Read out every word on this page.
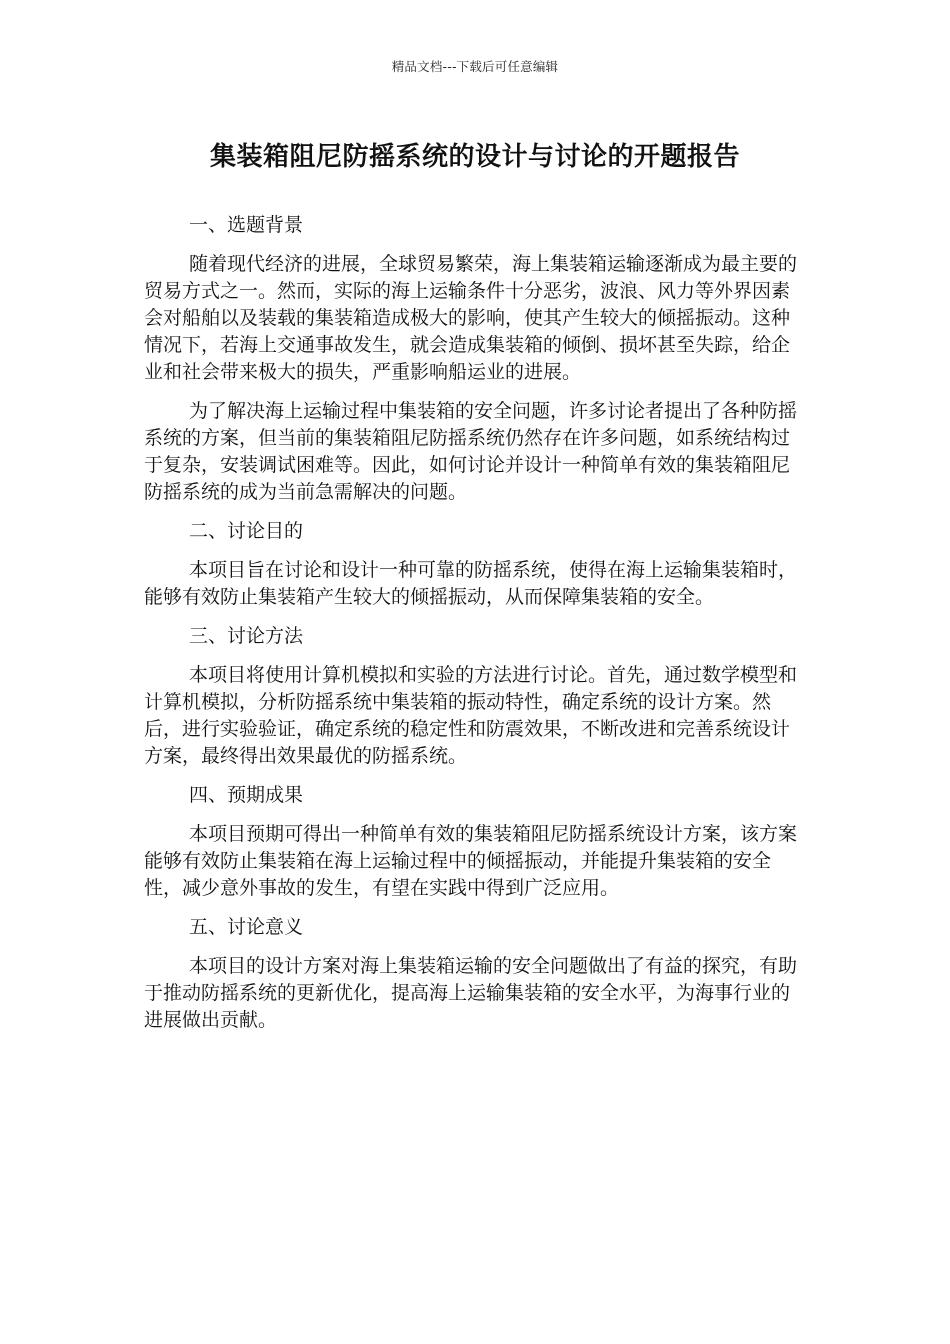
精品文档---下载后可任意编辑
集装箱阻尼防摇系统的设计与讨论的开题报告

一、选题背景

随着现代经济的进展，全球贸易繁荣，海上集装箱运输逐渐成为最主要的贸易方式之一。然而，实际的海上运输条件十分恶劣，波浪、风力等外界因素会对船舶以及装载的集装箱造成极大的影响，使其产生较大的倾摇振动。这种情况下，若海上交通事故发生，就会造成集装箱的倾倒、损坏甚至失踪，给企业和社会带来极大的损失，严重影响船运业的进展。

为了解决海上运输过程中集装箱的安全问题，许多讨论者提出了各种防摇系统的方案，但当前的集装箱阻尼防摇系统仍然存在许多问题，如系统结构过于复杂，安装调试困难等。因此，如何讨论并设计一种简单有效的集装箱阻尼防摇系统的成为当前急需解决的问题。

二、讨论目的

本项目旨在讨论和设计一种可靠的防摇系统，使得在海上运输集装箱时，能够有效防止集装箱产生较大的倾摇振动，从而保障集装箱的安全。

三、讨论方法

本项目将使用计算机模拟和实验的方法进行讨论。首先，通过数学模型和计算机模拟，分析防摇系统中集装箱的振动特性，确定系统的设计方案。然后，进行实验验证，确定系统的稳定性和防震效果，不断改进和完善系统设计方案，最终得出效果最优的防摇系统。

四、预期成果

本项目预期可得出一种简单有效的集装箱阻尼防摇系统设计方案，该方案能够有效防止集装箱在海上运输过程中的倾摇振动，并能提升集装箱的安全性，减少意外事故的发生，有望在实践中得到广泛应用。

五、讨论意义

本项目的设计方案对海上集装箱运输的安全问题做出了有益的探究，有助于推动防摇系统的更新优化，提高海上运输集装箱的安全水平，为海事行业的进展做出贡献。
